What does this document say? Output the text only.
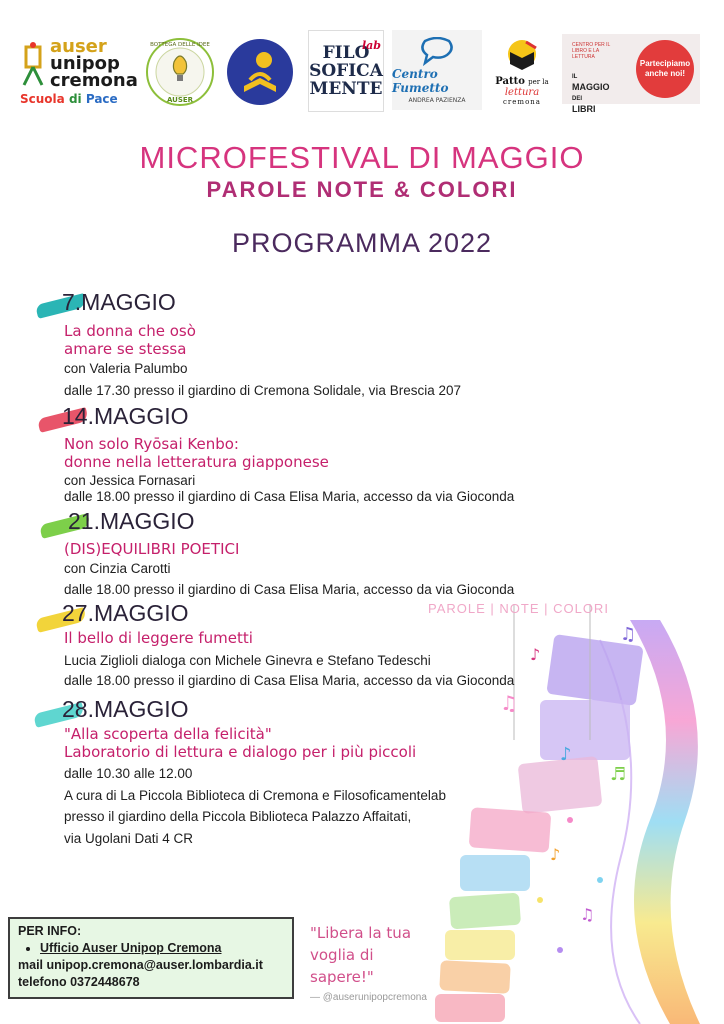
auser
unipop
cremona
Scuola di Pace
BOTTEGA DELLE IDEE
AUSER
FILO
SOFICA
MENTE
lab
Centro Fumetto
ANDREA PAZIENZA
Patto per la lettura
cremona
CENTRO PER IL LIBRO E LA LETTURA
IL
MAGGIO
DEI
LIBRI
Partecipiamo anche noi!
MICROFESTIVAL DI MAGGIO
PAROLE NOTE & COLORI
PROGRAMMA 2022
♪
♫
♪
♬
♪
♫
♫
PAROLE | NOTE | COLORI
7.MAGGIO
La donna che osò
amare se stessa
con Valeria Palumbo
dalle 17.30 presso il giardino di Cremona Solidale, via Brescia 207
14.MAGGIO
Non solo Ryōsai Kenbo:
donne nella letteratura giapponese
con Jessica Fornasari
dalle 18.00 presso il giardino di Casa Elisa Maria, accesso da via Gioconda
21.MAGGIO
(DIS)EQUILIBRI POETICI
con Cinzia Carotti
dalle 18.00 presso il giardino di Casa Elisa Maria, accesso da via Gioconda
27.MAGGIO
Il bello di leggere fumetti
Lucia Ziglioli dialoga con Michele Ginevra e Stefano Tedeschi
dalle 18.00 presso il giardino di Casa Elisa Maria, accesso da via Gioconda
28.MAGGIO
"Alla scoperta della felicità"
Laboratorio di lettura e dialogo per i più piccoli
dalle 10.30 alle 12.00
A cura di La Piccola Biblioteca di Cremona e Filosoficamentelab
presso il giardino della Piccola Biblioteca Palazzo Affaitati,
via Ugolani Dati 4 CR
PER INFO:
• Ufficio Auser Unipop Cremona
mail unipop.cremona@auser.lombardia.it
telefono 0372448678
"Libera la tua
voglia di
sapere!"
— @auserunipopcremona
